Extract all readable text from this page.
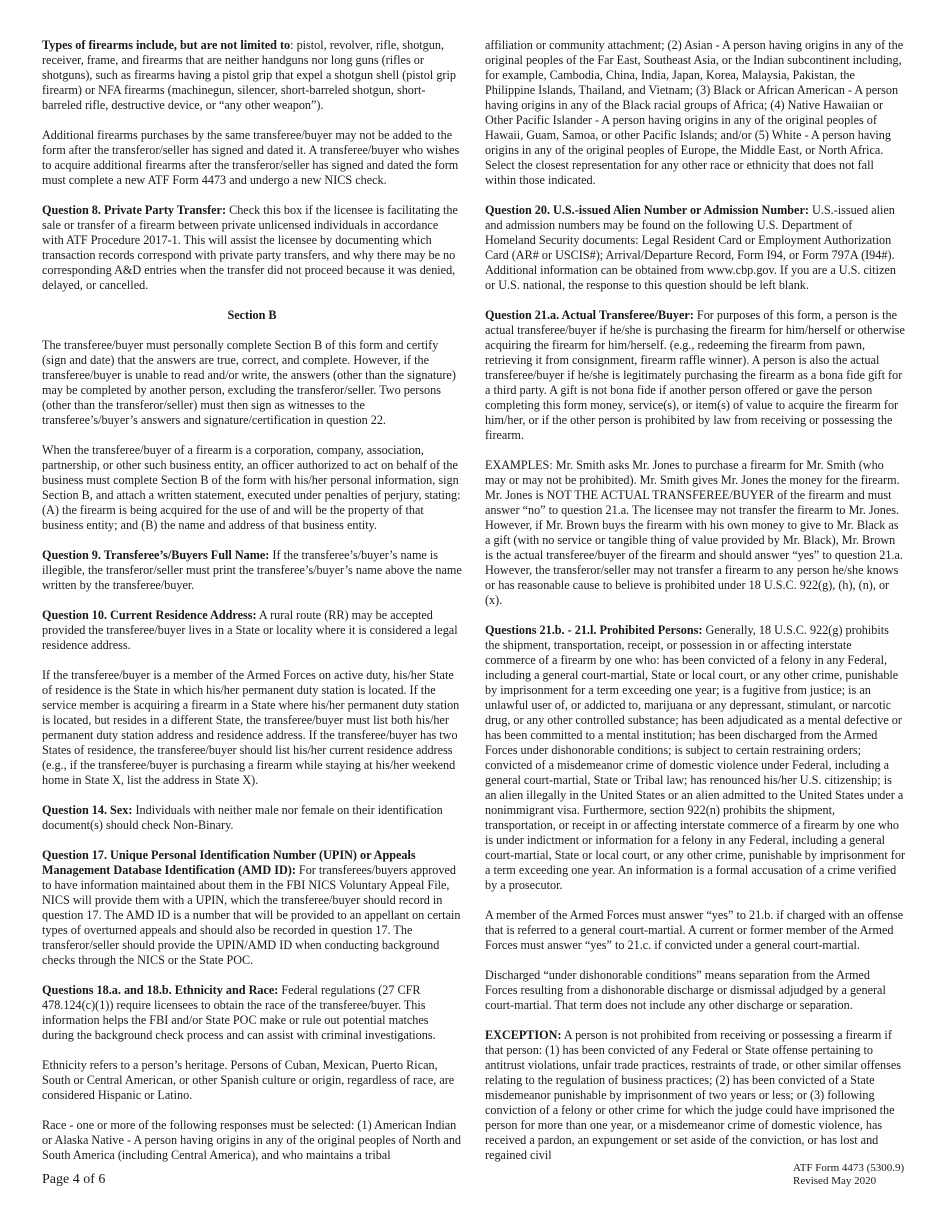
Types of firearms include, but are not limited to: pistol, revolver, rifle, shotgun, receiver, frame, and firearms that are neither handguns nor long guns (rifles or shotguns), such as firearms having a pistol grip that expel a shotgun shell (pistol grip firearm) or NFA firearms (machinegun, silencer, short-barreled shotgun, short-barreled rifle, destructive device, or “any other weapon”).

Additional firearms purchases by the same transferee/buyer may not be added to the form after the transferor/seller has signed and dated it. A transferee/buyer who wishes to acquire additional firearms after the transferor/seller has signed and dated the form must complete a new ATF Form 4473 and undergo a new NICS check.

Question 8. Private Party Transfer: Check this box if the licensee is facilitating the sale or transfer of a firearm between private unlicensed individuals in accordance with ATF Procedure 2017-1. This will assist the licensee by documenting which transaction records correspond with private party transfers, and why there may be no corresponding A&D entries when the transfer did not proceed because it was denied, delayed, or cancelled.

Section B

The transferee/buyer must personally complete Section B of this form and certify (sign and date) that the answers are true, correct, and complete. However, if the transferee/buyer is unable to read and/or write, the answers (other than the signature) may be completed by another person, excluding the transferor/seller. Two persons (other than the transferor/seller) must then sign as witnesses to the transferee’s/buyer’s answers and signature/certification in question 22.

When the transferee/buyer of a firearm is a corporation, company, association, partnership, or other such business entity, an officer authorized to act on behalf of the business must complete Section B of the form with his/her personal information, sign Section B, and attach a written statement, executed under penalties of perjury, stating: (A) the firearm is being acquired for the use of and will be the property of that business entity; and (B) the name and address of that business entity.

Question 9. Transferee’s/Buyers Full Name: If the transferee’s/buyer’s name is illegible, the transferor/seller must print the transferee’s/buyer’s name above the name written by the transferee/buyer.

Question 10. Current Residence Address: A rural route (RR) may be accepted provided the transferee/buyer lives in a State or locality where it is considered a legal residence address.

If the transferee/buyer is a member of the Armed Forces on active duty, his/her State of residence is the State in which his/her permanent duty station is located. If the service member is acquiring a firearm in a State where his/her permanent duty station is located, but resides in a different State, the transferee/buyer must list both his/her permanent duty station address and residence address. If the transferee/buyer has two States of residence, the transferee/buyer should list his/her current residence address (e.g., if the transferee/buyer is purchasing a firearm while staying at his/her weekend home in State X, list the address in State X).

Question 14. Sex: Individuals with neither male nor female on their identification document(s) should check Non-Binary.

Question 17. Unique Personal Identification Number (UPIN) or Appeals Management Database Identification (AMD ID): For transferees/buyers approved to have information maintained about them in the FBI NICS Voluntary Appeal File, NICS will provide them with a UPIN, which the transferee/buyer should record in question 17. The AMD ID is a number that will be provided to an appellant on certain types of overturned appeals and should also be recorded in question 17. The transferor/seller should provide the UPIN/AMD ID when conducting background checks through the NICS or the State POC.

Questions 18.a. and 18.b. Ethnicity and Race: Federal regulations (27 CFR 478.124(c)(1)) require licensees to obtain the race of the transferee/buyer. This information helps the FBI and/or State POC make or rule out potential matches during the background check process and can assist with criminal investigations.

Ethnicity refers to a person’s heritage. Persons of Cuban, Mexican, Puerto Rican, South or Central American, or other Spanish culture or origin, regardless of race, are considered Hispanic or Latino.

Race - one or more of the following responses must be selected: (1) American Indian or Alaska Native - A person having origins in any of the original peoples of North and South America (including Central America), and who maintains a tribal

affiliation or community attachment; (2) Asian - A person having origins in any of the original peoples of the Far East, Southeast Asia, or the Indian subcontinent including, for example, Cambodia, China, India, Japan, Korea, Malaysia, Pakistan, the Philippine Islands, Thailand, and Vietnam; (3) Black or African American - A person having origins in any of the Black racial groups of Africa; (4) Native Hawaiian or Other Pacific Islander - A person having origins in any of the original peoples of Hawaii, Guam, Samoa, or other Pacific Islands; and/or (5) White - A person having origins in any of the original peoples of Europe, the Middle East, or North Africa. Select the closest representation for any other race or ethnicity that does not fall within those indicated.

Question 20. U.S.-issued Alien Number or Admission Number: U.S.-issued alien and admission numbers may be found on the following U.S. Department of Homeland Security documents: Legal Resident Card or Employment Authorization Card (AR# or USCIS#); Arrival/Departure Record, Form I94, or Form 797A (I94#). Additional information can be obtained from www.cbp.gov. If you are a U.S. citizen or U.S. national, the response to this question should be left blank.

Question 21.a. Actual Transferee/Buyer: For purposes of this form, a person is the actual transferee/buyer if he/she is purchasing the firearm for him/herself or otherwise acquiring the firearm for him/herself. (e.g., redeeming the firearm from pawn, retrieving it from consignment, firearm raffle winner). A person is also the actual transferee/buyer if he/she is legitimately purchasing the firearm as a bona fide gift for a third party. A gift is not bona fide if another person offered or gave the person completing this form money, service(s), or item(s) of value to acquire the firearm for him/her, or if the other person is prohibited by law from receiving or possessing the firearm.

EXAMPLES: Mr. Smith asks Mr. Jones to purchase a firearm for Mr. Smith (who may or may not be prohibited). Mr. Smith gives Mr. Jones the money for the firearm. Mr. Jones is NOT THE ACTUAL TRANSFEREE/BUYER of the firearm and must answer “no” to question 21.a. The licensee may not transfer the firearm to Mr. Jones. However, if Mr. Brown buys the firearm with his own money to give to Mr. Black as a gift (with no service or tangible thing of value provided by Mr. Black), Mr. Brown is the actual transferee/buyer of the firearm and should answer “yes” to question 21.a. However, the transferor/seller may not transfer a firearm to any person he/she knows or has reasonable cause to believe is prohibited under 18 U.S.C. 922(g), (h), (n), or (x).

Questions 21.b. - 21.l. Prohibited Persons: Generally, 18 U.S.C. 922(g) prohibits the shipment, transportation, receipt, or possession in or affecting interstate commerce of a firearm by one who: has been convicted of a felony in any Federal, including a general court-martial, State or local court, or any other crime, punishable by imprisonment for a term exceeding one year; is a fugitive from justice; is an unlawful user of, or addicted to, marijuana or any depressant, stimulant, or narcotic drug, or any other controlled substance; has been adjudicated as a mental defective or has been committed to a mental institution; has been discharged from the Armed Forces under dishonorable conditions; is subject to certain restraining orders; convicted of a misdemeanor crime of domestic violence under Federal, including a general court-martial, State or Tribal law; has renounced his/her U.S. citizenship; is an alien illegally in the United States or an alien admitted to the United States under a nonimmigrant visa. Furthermore, section 922(n) prohibits the shipment, transportation, or receipt in or affecting interstate commerce of a firearm by one who is under indictment or information for a felony in any Federal, including a general court-martial, State or local court, or any other crime, punishable by imprisonment for a term exceeding one year. An information is a formal accusation of a crime verified by a prosecutor.

A member of the Armed Forces must answer “yes” to 21.b. if charged with an offense that is referred to a general court-martial. A current or former member of the Armed Forces must answer “yes” to 21.c. if convicted under a general court-martial.

Discharged “under dishonorable conditions” means separation from the Armed Forces resulting from a dishonorable discharge or dismissal adjudged by a general court-martial. That term does not include any other discharge or separation.

EXCEPTION: A person is not prohibited from receiving or possessing a firearm if that person: (1) has been convicted of any Federal or State offense pertaining to antitrust violations, unfair trade practices, restraints of trade, or other similar offenses relating to the regulation of business practices; (2) has been convicted of a State misdemeanor punishable by imprisonment of two years or less; or (3) following conviction of a felony or other crime for which the judge could have imprisoned the person for more than one year, or a misdemeanor crime of domestic violence, has received a pardon, an expungement or set aside of the conviction, or has lost and regained civil

Page 4 of 6
ATF Form 4473 (5300.9)
Revised May 2020
